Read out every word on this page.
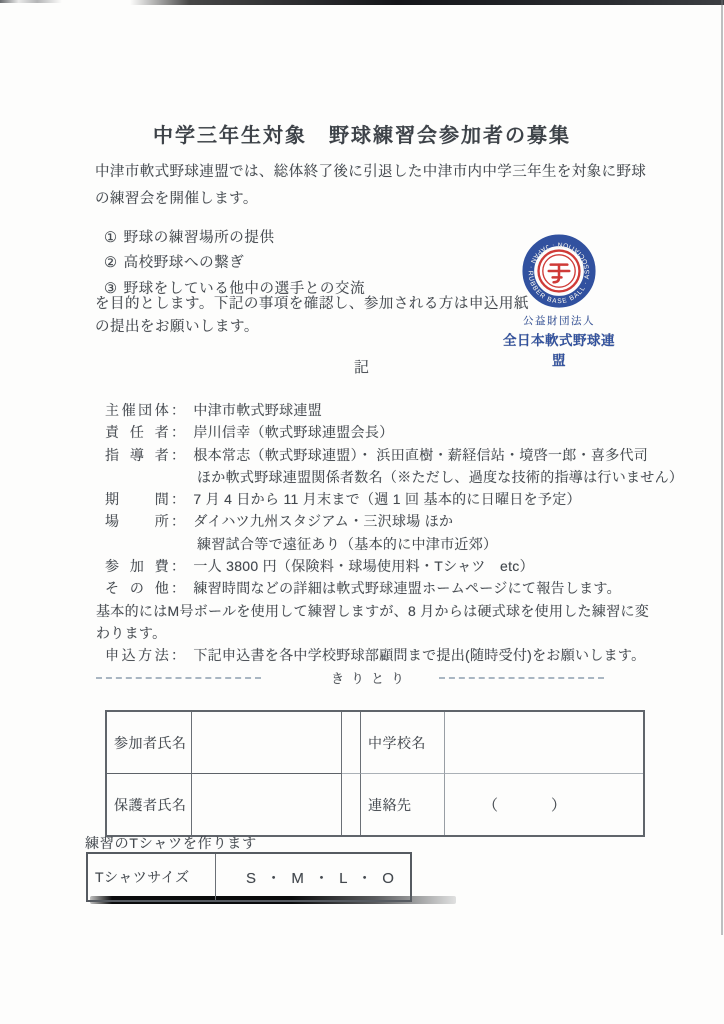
中学三年生対象　野球練習会参加者の募集
中津市軟式野球連盟では、総体終了後に引退した中津市内中学三年生を対象に野球
の練習会を開催します。
① 野球の練習場所の提供
② 高校野球への繋ぎ
③ 野球をしている他中の選手との交流
を目的とします。下記の事項を確認し、参加される方は申込用紙
の提出をお願いします。
RUBBER BASE BALL · ASSOCIATION · JAPAN ·
公益財団法人
全日本軟式野球連盟
記
主催団体 ： 中津市軟式野球連盟
責任者 ： 岸川信幸（軟式野球連盟会長）
指導者 ： 根本常志（軟式野球連盟）・ 浜田直樹・薪経信站・境啓一郎・喜多代司
ほか軟式野球連盟関係者数名（※ただし、過度な技術的指導は行いません）
期間 ： 7 月 4 日から 11 月末まで（週 1 回 基本的に日曜日を予定）
場所 ： ダイハツ九州スタジアム・三沢球場 ほか
練習試合等で遠征あり（基本的に中津市近郊）
参加費 ： 一人 3800 円（保険料・球場使用料・Tシャツ　etc）
その他 ： 練習時間などの詳細は軟式野球連盟ホームページにて報告します。
基本的にはM号ボールを使用して練習しますが、8 月からは硬式球を使用した練習に変
わります。
申込方法 ： 下記申込書を各中学校野球部顧問まで提出(随時受付)をお願いします。
きりとり
参加者氏名	中学校名
保護者氏名	連絡先	（　　　）
練習のTシャツを作ります
Tシャツサイズ	S ・ M ・ L ・ O
